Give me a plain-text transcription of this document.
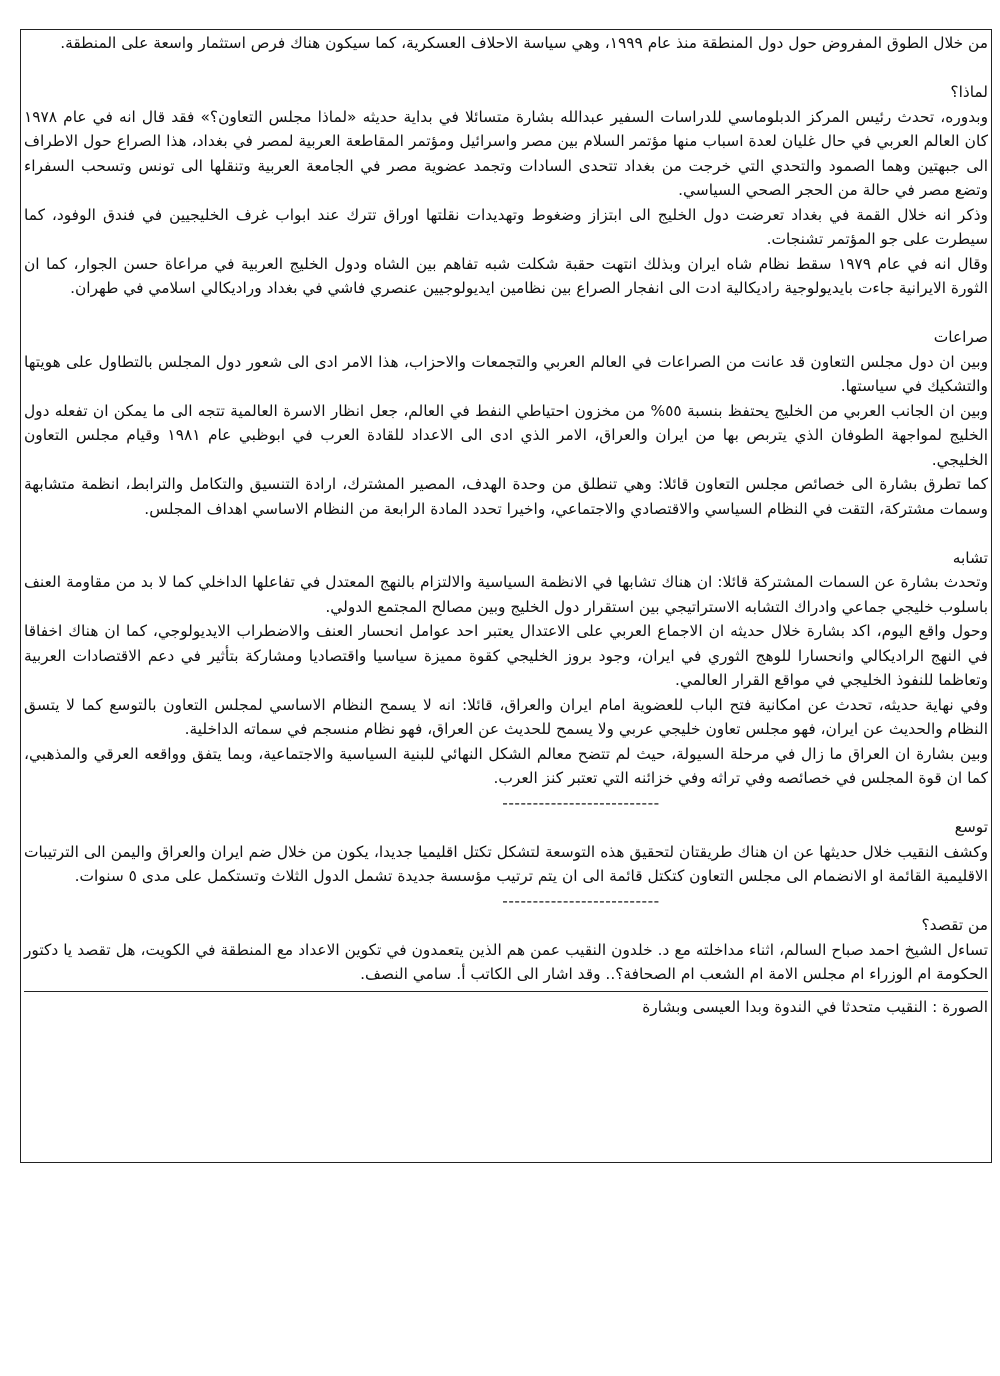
من خلال الطوق المفروض حول دول المنطقة منذ عام ١٩٩٩، وهي سياسة الاحلاف العسكرية، كما سيكون هناك فرص استثمار واسعة على المنطقة.

لماذا؟

وبدوره، تحدث رئيس المركز الدبلوماسي للدراسات السفير عبدالله بشارة متسائلا في بداية حديثه «لماذا مجلس التعاون؟» فقد قال انه في عام ١٩٧٨ كان العالم العربي في حال غليان لعدة اسباب منها مؤتمر السلام بين مصر واسرائيل ومؤتمر المقاطعة العربية لمصر في بغداد، هذا الصراع حول الاطراف الى جبهتين وهما الصمود والتحدي التي خرجت من بغداد تتحدى السادات وتجمد عضوية مصر في الجامعة العربية وتنقلها الى تونس وتسحب السفراء وتضع مصر في حالة من الحجر الصحي السياسي.

وذكر انه خلال القمة في بغداد تعرضت دول الخليج الى ابتزاز وضغوط وتهديدات نقلتها اوراق تترك عند ابواب غرف الخليجيين في فندق الوفود، كما سيطرت على جو المؤتمر تشنجات.

وقال انه في عام ١٩٧٩ سقط نظام شاه ايران وبذلك انتهت حقبة شكلت شبه تفاهم بين الشاه ودول الخليج العربية في مراعاة حسن الجوار، كما ان الثورة الايرانية جاءت بايديولوجية راديكالية ادت الى انفجار الصراع بين نظامين ايديولوجيين عنصري فاشي في بغداد وراديكالي اسلامي في طهران.

صراعات

وبين ان دول مجلس التعاون قد عانت من الصراعات في العالم العربي والتجمعات والاحزاب، هذا الامر ادى الى شعور دول المجلس بالتطاول على هويتها والتشكيك في سياستها.

وبين ان الجانب العربي من الخليج يحتفظ بنسبة ٥٥% من مخزون احتياطي النفط في العالم، جعل انظار الاسرة العالمية تتجه الى ما يمكن ان تفعله دول الخليج لمواجهة الطوفان الذي يتربص بها من ايران والعراق، الامر الذي ادى الى الاعداد للقادة العرب في ابوظبي عام ١٩٨١ وقيام مجلس التعاون الخليجي.

كما تطرق بشارة الى خصائص مجلس التعاون قائلا: وهي تنطلق من وحدة الهدف، المصير المشترك، ارادة التنسيق والتكامل والترابط، انظمة متشابهة وسمات مشتركة، التقت في النظام السياسي والاقتصادي والاجتماعي، واخيرا تحدد المادة الرابعة من النظام الاساسي اهداف المجلس.

تشابه

وتحدث بشارة عن السمات المشتركة قائلا: ان هناك تشابها في الانظمة السياسية والالتزام بالنهج المعتدل في تفاعلها الداخلي كما لا بد من مقاومة العنف باسلوب خليجي جماعي وادراك التشابه الاستراتيجي بين استقرار دول الخليج وبين مصالح المجتمع الدولي.

وحول واقع اليوم، اكد بشارة خلال حديثه ان الاجماع العربي على الاعتدال يعتبر احد عوامل انحسار العنف والاضطراب الايديولوجي، كما ان هناك اخفاقا في النهج الراديكالي وانحسارا للوهج الثوري في ايران، وجود بروز الخليجي كقوة مميزة سياسيا واقتصاديا ومشاركة بتأثير في دعم الاقتصادات العربية وتعاظما للنفوذ الخليجي في مواقع القرار العالمي.

وفي نهاية حديثه، تحدث عن امكانية فتح الباب للعضوية امام ايران والعراق، قائلا: انه لا يسمح النظام الاساسي لمجلس التعاون بالتوسع كما لا يتسق النظام والحديث عن ايران، فهو مجلس تعاون خليجي عربي ولا يسمح للحديث عن العراق، فهو نظام منسجم في سماته الداخلية.

وبين بشارة ان العراق ما زال في مرحلة السيولة، حيث لم تتضح معالم الشكل النهائي للبنية السياسية والاجتماعية، وبما يتفق وواقعه العرقي والمذهبي، كما ان قوة المجلس في خصائصه وفي تراثه وفي خزائنه التي تعتبر كنز العرب.

--------------------------

توسع

وكشف النقيب خلال حديثها عن ان هناك طريقتان لتحقيق هذه التوسعة لتشكل تكتل اقليميا جديدا، يكون من خلال ضم ايران والعراق واليمن الى الترتيبات الاقليمية القائمة او الانضمام الى مجلس التعاون كتكتل قائمة الى ان يتم ترتيب مؤسسة جديدة تشمل الدول الثلاث وتستكمل على مدى ٥ سنوات.

--------------------------

من تقصد؟

تساءل الشيخ احمد صباح السالم، اثناء مداخلته مع د. خلدون النقيب عمن هم الذين يتعمدون في تكوين الاعداد مع المنطقة في الكويت، هل تقصد يا دكتور الحكومة ام الوزراء ام مجلس الامة ام الشعب ام الصحافة؟.. وقد اشار الى الكاتب أ. سامي النصف.

الصورة : النقيب متحدثا في الندوة وبدا العيسى وبشارة
